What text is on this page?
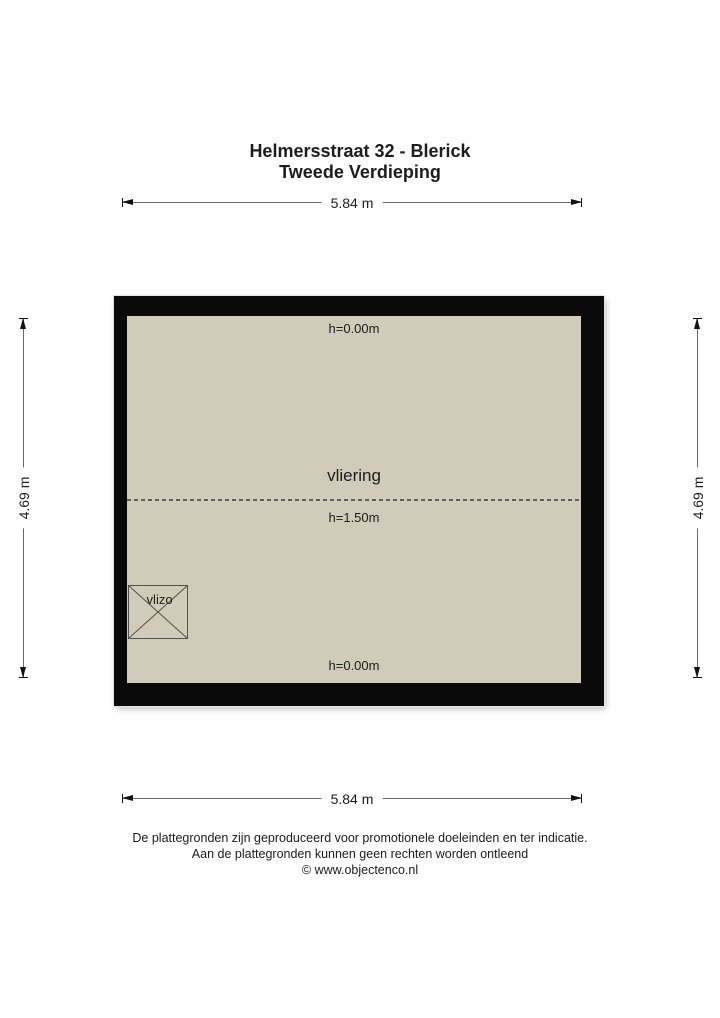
Helmersstraat 32 - Blerick
Tweede Verdieping
5.84 m
4.69 m	4.69 m
h=0.00m
vliering
h=1.50m
vlizo
h=0.00m
5.84 m
De plattegronden zijn geproduceerd voor promotionele doeleinden en ter indicatie.
Aan de plattegronden kunnen geen rechten worden ontleend
© www.objectenco.nl
